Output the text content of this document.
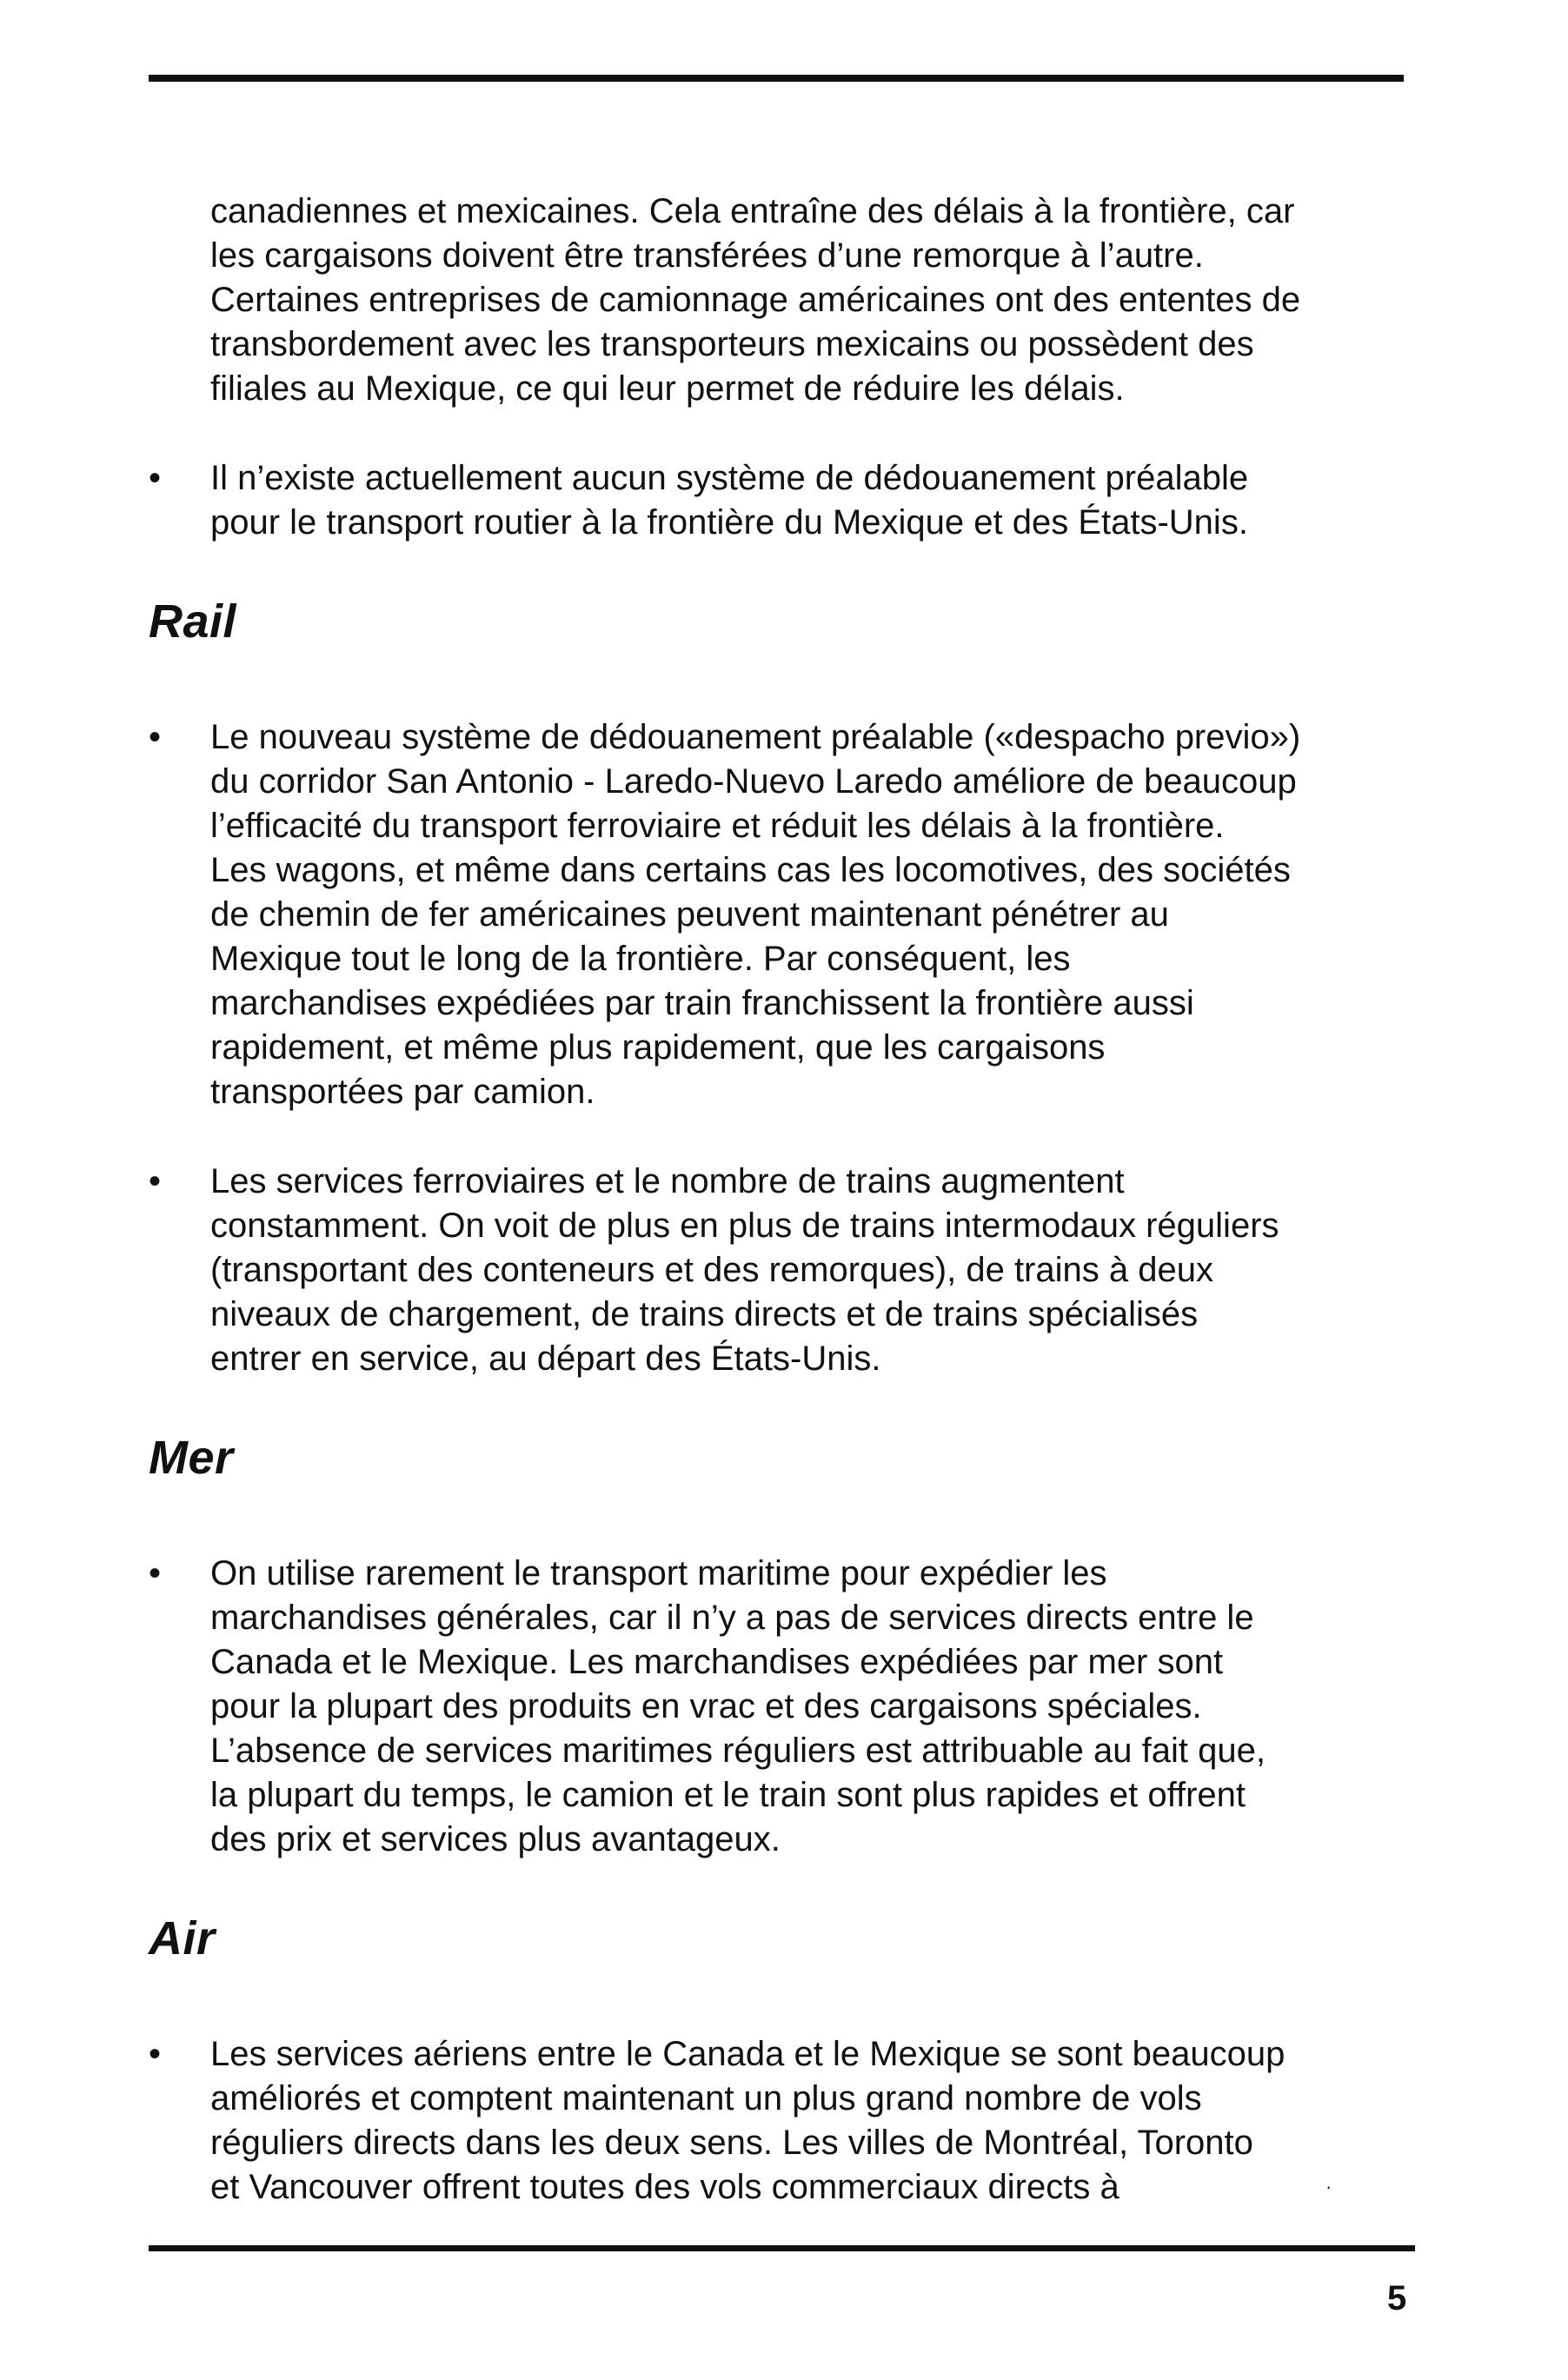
canadiennes et mexicaines. Cela entraîne des délais à la frontière, car
les cargaisons doivent être transférées d’une remorque à l’autre.
Certaines entreprises de camionnage américaines ont des ententes de
transbordement avec les transporteurs mexicains ou possèdent des
filiales au Mexique, ce qui leur permet de réduire les délais.

•	Il n’existe actuellement aucun système de dédouanement préalable
pour le transport routier à la frontière du Mexique et des États-Unis.
Rail
•	Le nouveau système de dédouanement préalable («despacho previo»)
du corridor San Antonio - Laredo-Nuevo Laredo améliore de beaucoup
l’efficacité du transport ferroviaire et réduit les délais à la frontière.
Les wagons, et même dans certains cas les locomotives, des sociétés
de chemin de fer américaines peuvent maintenant pénétrer au
Mexique tout le long de la frontière. Par conséquent, les
marchandises expédiées par train franchissent la frontière aussi
rapidement, et même plus rapidement, que les cargaisons
transportées par camion.
•	Les services ferroviaires et le nombre de trains augmentent
constamment. On voit de plus en plus de trains intermodaux réguliers
(transportant des conteneurs et des remorques), de trains à deux
niveaux de chargement, de trains directs et de trains spécialisés
entrer en service, au départ des États-Unis.
Mer
•	On utilise rarement le transport maritime pour expédier les
marchandises générales, car il n’y a pas de services directs entre le
Canada et le Mexique. Les marchandises expédiées par mer sont
pour la plupart des produits en vrac et des cargaisons spéciales.
L’absence de services maritimes réguliers est attribuable au fait que,
la plupart du temps, le camion et le train sont plus rapides et offrent
des prix et services plus avantageux.
Air
•	Les services aériens entre le Canada et le Mexique se sont beaucoup
améliorés et comptent maintenant un plus grand nombre de vols
réguliers directs dans les deux sens. Les villes de Montréal, Toronto
et Vancouver offrent toutes des vols commerciaux directs à	·
5
